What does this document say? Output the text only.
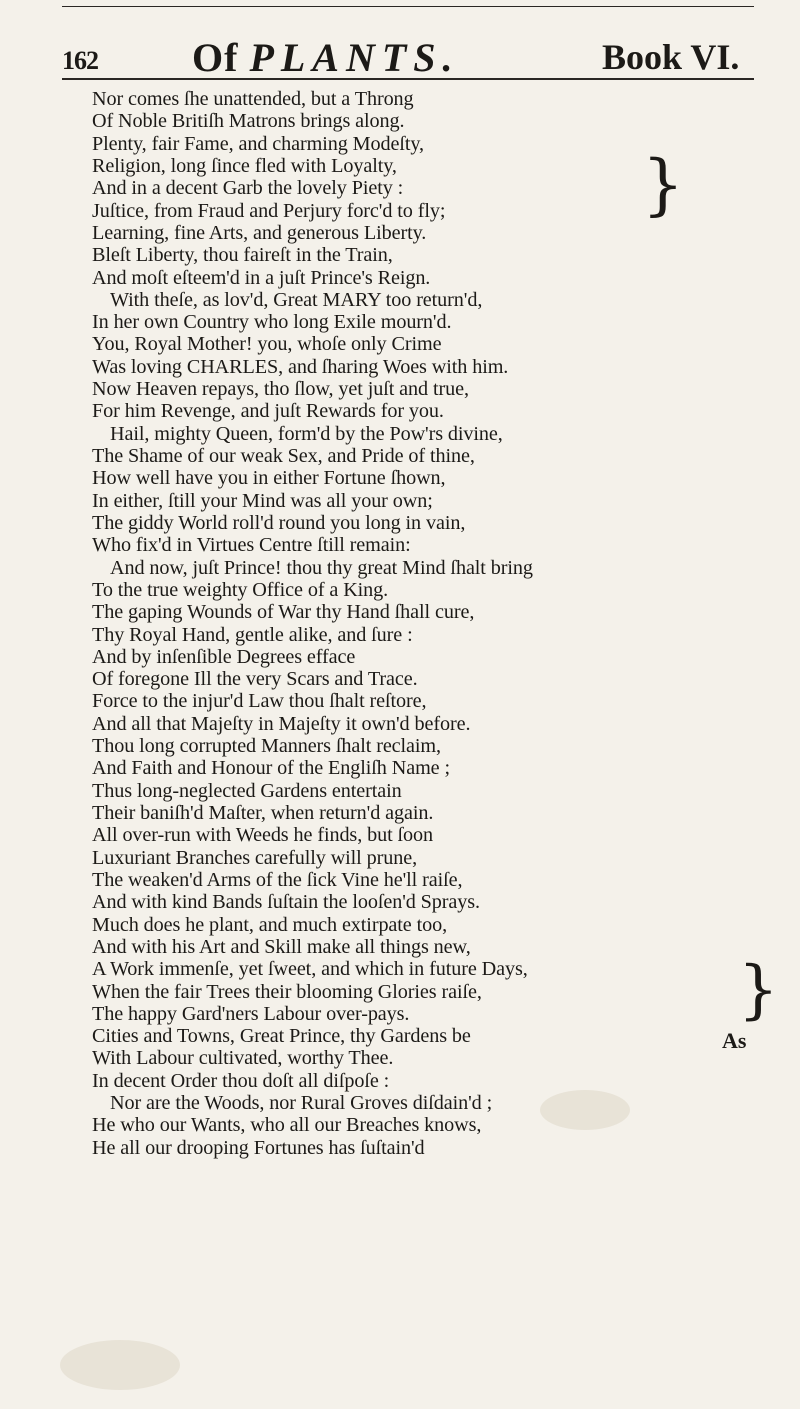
162 Of PLANTS.	Book VI.
Nor comes ſhe unattended, but a Throng
Of Noble Britiſh Matrons brings along.
Plenty, fair Fame, and charming Modeſty,
Religion, long ſince fled with Loyalty,
And in a decent Garb the lovely Piety :
Juſtice, from Fraud and Perjury forc'd to fly;
Learning, fine Arts, and generous Liberty.
Bleſt Liberty, thou faireſt in the Train,
And moſt eſteem'd in a juſt Prince's Reign.
With theſe, as lov'd, Great MARY too return'd,
In her own Country who long Exile mourn'd.
You, Royal Mother! you, whoſe only Crime
Was loving CHARLES, and ſharing Woes with him.
Now Heaven repays, tho ſlow, yet juſt and true,
For him Revenge, and juſt Rewards for you.
Hail, mighty Queen, form'd by the Pow'rs divine,
The Shame of our weak Sex, and Pride of thine,
How well have you in either Fortune ſhown,
In either, ſtill your Mind was all your own;
The giddy World roll'd round you long in vain,
Who fix'd in Virtues Centre ſtill remain:
And now, juſt Prince! thou thy great Mind ſhalt bring
To the true weighty Office of a King.
The gaping Wounds of War thy Hand ſhall cure,
Thy Royal Hand, gentle alike, and ſure :
And by inſenſible Degrees efface
Of foregone Ill the very Scars and Trace.
Force to the injur'd Law thou ſhalt reſtore,
And all that Majeſty in Majeſty it own'd before.
Thou long corrupted Manners ſhalt reclaim,
And Faith and Honour of the Engliſh Name ;
Thus long-neglected Gardens entertain
Their baniſh'd Maſter, when return'd again.
All over-run with Weeds he finds, but ſoon
Luxuriant Branches carefully will prune,
The weaken'd Arms of the ſick Vine he'll raiſe,
And with kind Bands ſuſtain the looſen'd Sprays.
Much does he plant, and much extirpate too,
And with his Art and Skill make all things new,
A Work immenſe, yet ſweet, and which in future Days,
When the fair Trees their blooming Glories raiſe,
The happy Gard'ners Labour over-pays.
Cities and Towns, Great Prince, thy Gardens be
With Labour cultivated, worthy Thee.
In decent Order thou doſt all diſpoſe :
Nor are the Woods, nor Rural Groves diſdain'd ;
He who our Wants, who all our Breaches knows,
He all our drooping Fortunes has ſuſtain'd
}
}
As
